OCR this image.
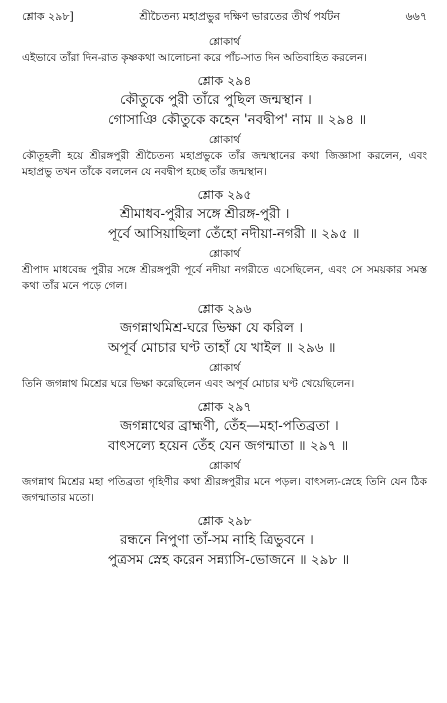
শ্লোক ২৯৮]	শ্রীচৈতন্য মহাপ্রভুর দক্ষিণ ভারতের তীর্থ পর্যটন	৬৬৭
শ্লোকার্থ

এইভাবে তাঁরা দিন-রাত কৃষ্ণকথা আলোচনা করে পাঁচ-সাত দিন অতিবাহিত করলেন।

শ্লোক ২৯৪
কৌতুকে পুরী তাঁরে পুছিল জন্মস্থান ।
গোসাঞি কৌতুকে কহেন 'নবদ্বীপ' নাম ॥ ২৯৪ ॥
শ্লোকার্থ

কৌতূহলী হয়ে শ্রীরঙ্গপুরী শ্রীচৈতন্য মহাপ্রভুকে তাঁর জন্মস্থানের কথা জিজ্ঞাসা করলেন, এবং মহাপ্রভু তখন তাঁকে বললেন যে নবদ্বীপ হচ্ছে তাঁর জন্মস্থান।

শ্লোক ২৯৫
শ্রীমাধব-পুরীর সঙ্গে শ্রীরঙ্গ-পুরী ।
পূর্বে আসিয়াছিলা তেঁহো নদীয়া-নগরী ॥ ২৯৫ ॥
শ্লোকার্থ

শ্রীপাদ মাধবেন্দ্র পুরীর সঙ্গে শ্রীরঙ্গপুরী পূর্বে নদীয়া নগরীতে এসেছিলেন, এবং সে সময়কার সমস্ত কথা তাঁর মনে পড়ে গেল।

শ্লোক ২৯৬
জগন্নাথমিশ্র-ঘরে ভিক্ষা যে করিল ।
অপূর্ব মোচার ঘণ্ট তাহাঁ যে খাইল ॥ ২৯৬ ॥
শ্লোকার্থ

তিনি জগন্নাথ মিশ্রের ঘরে ভিক্ষা করেছিলেন এবং অপূর্ব মোচার ঘণ্ট খেয়েছিলেন।

শ্লোক ২৯৭
জগন্নাথের ব্রাহ্মণী, তেঁহ—মহা-পতিব্রতা ।
বাৎসল্যে হয়েন তেঁহ যেন জগন্মাতা ॥ ২৯৭ ॥
শ্লোকার্থ

জগন্নাথ মিশ্রের মহা পতিব্রতা গৃহিণীর কথা শ্রীরঙ্গপুরীর মনে পড়ল। বাৎসল্য-স্নেহে তিনি যেন ঠিক জগন্মাতার মতো।

শ্লোক ২৯৮
রন্ধনে নিপুণা তাঁ-সম নাহি ত্রিভুবনে ।
পুত্রসম স্নেহ করেন সন্ন্যাসি-ভোজনে ॥ ২৯৮ ॥
